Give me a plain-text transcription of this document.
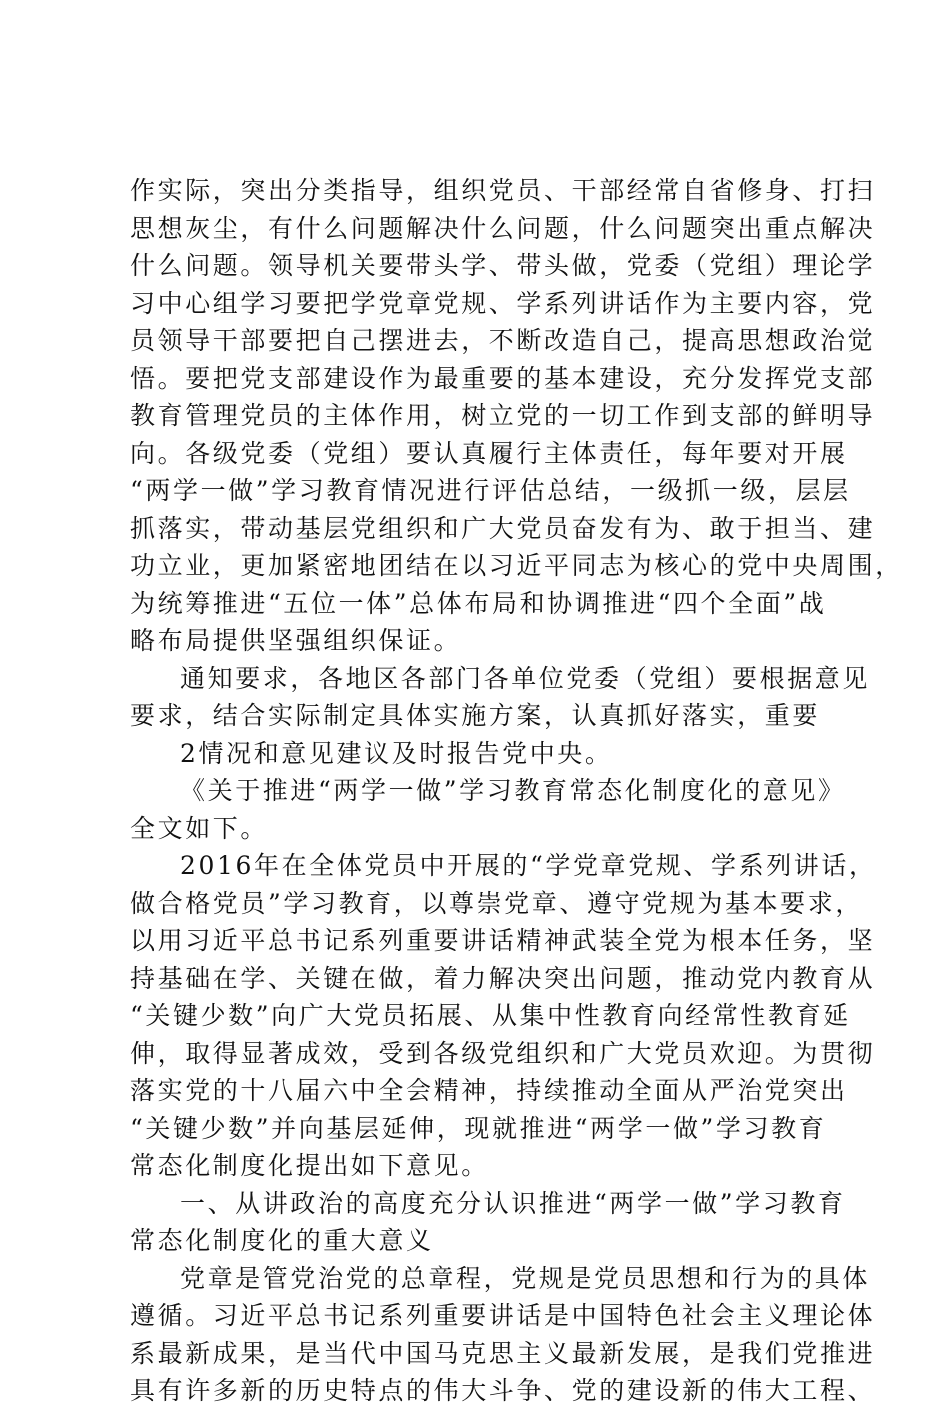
作实际，突出分类指导，组织党员、干部经常自省修身、打扫
思想灰尘，有什么问题解决什么问题，什么问题突出重点解决
什么问题。领导机关要带头学、带头做，党委（党组）理论学
习中心组学习要把学党章党规、学系列讲话作为主要内容，党
员领导干部要把自己摆进去，不断改造自己，提高思想政治觉
悟。要把党支部建设作为最重要的基本建设，充分发挥党支部
教育管理党员的主体作用，树立党的一切工作到支部的鲜明导
向。各级党委（党组）要认真履行主体责任，每年要对开展
“两学一做”学习教育情况进行评估总结，一级抓一级，层层
抓落实，带动基层党组织和广大党员奋发有为、敢于担当、建
功立业，更加紧密地团结在以习近平同志为核心的党中央周围，
为统筹推进“五位一体”总体布局和协调推进“四个全面”战
略布局提供坚强组织保证。
通知要求，各地区各部门各单位党委（党组）要根据意见
要求，结合实际制定具体实施方案，认真抓好落实，重要
2情况和意见建议及时报告党中央。
《关于推进“两学一做”学习教育常态化制度化的意见》
全文如下。
2016年在全体党员中开展的“学党章党规、学系列讲话，
做合格党员”学习教育，以尊崇党章、遵守党规为基本要求，
以用习近平总书记系列重要讲话精神武装全党为根本任务，坚
持基础在学、关键在做，着力解决突出问题，推动党内教育从
“关键少数”向广大党员拓展、从集中性教育向经常性教育延
伸，取得显著成效，受到各级党组织和广大党员欢迎。为贯彻
落实党的十八届六中全会精神，持续推动全面从严治党突出
“关键少数”并向基层延伸，现就推进“两学一做”学习教育
常态化制度化提出如下意见。
一、从讲政治的高度充分认识推进“两学一做”学习教育
常态化制度化的重大意义
党章是管党治党的总章程，党规是党员思想和行为的具体
遵循。习近平总书记系列重要讲话是中国特色社会主义理论体
系最新成果，是当代中国马克思主义最新发展，是我们党推进
具有许多新的历史特点的伟大斗争、党的建设新的伟大工程、
